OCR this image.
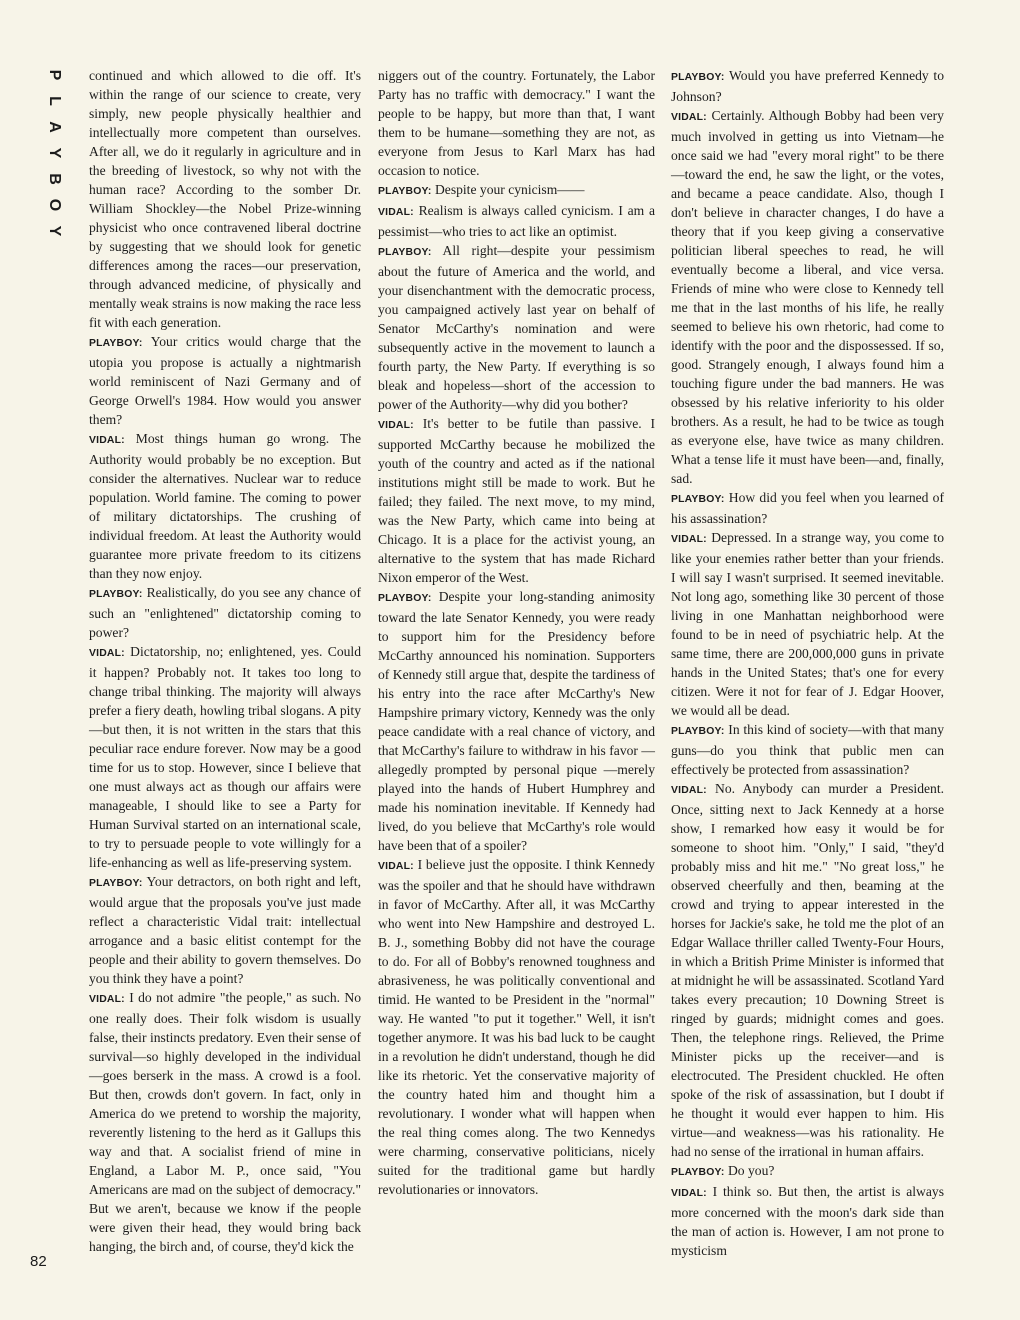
P
L
A
Y
B
O
Y
82

continued and which allowed to die off. It's within the range of our science to create, very simply, new people physically healthier and intellectually more competent than ourselves. After all, we do it regularly in agriculture and in the breeding of livestock, so why not with the human race? According to the somber Dr. William Shockley—the Nobel Prize-winning physicist who once contravened liberal doctrine by suggesting that we should look for genetic differences among the races—our preservation, through advanced medicine, of physically and mentally weak strains is now making the race less fit with each generation.

PLAYBOY: Your critics would charge that the utopia you propose is actually a nightmarish world reminiscent of Nazi Germany and of George Orwell's 1984. How would you answer them?

VIDAL: Most things human go wrong. The Authority would probably be no exception. But consider the alternatives. Nuclear war to reduce population. World famine. The coming to power of military dictatorships. The crushing of individual freedom. At least the Authority would guarantee more private freedom to its citizens than they now enjoy.

PLAYBOY: Realistically, do you see any chance of such an "enlightened" dictatorship coming to power?

VIDAL: Dictatorship, no; enlightened, yes. Could it happen? Probably not. It takes too long to change tribal thinking. The majority will always prefer a fiery death, howling tribal slogans. A pity—but then, it is not written in the stars that this peculiar race endure forever. Now may be a good time for us to stop. However, since I believe that one must always act as though our affairs were manageable, I should like to see a Party for Human Survival started on an international scale, to try to persuade people to vote willingly for a life-enhancing as well as life-preserving system.

PLAYBOY: Your detractors, on both right and left, would argue that the proposals you've just made reflect a characteristic Vidal trait: intellectual arrogance and a basic elitist contempt for the people and their ability to govern themselves. Do you think they have a point?

VIDAL: I do not admire "the people," as such. No one really does. Their folk wisdom is usually false, their instincts predatory. Even their sense of survival—so highly developed in the individual—goes berserk in the mass. A crowd is a fool. But then, crowds don't govern. In fact, only in America do we pretend to worship the majority, reverently listening to the herd as it Gallups this way and that. A socialist friend of mine in England, a Labor M. P., once said, "You Americans are mad on the subject of democracy." But we aren't, because we know if the people were given their head, they would bring back hanging, the birch and, of course, they'd kick the

niggers out of the country. Fortunately, the Labor Party has no traffic with democracy." I want the people to be happy, but more than that, I want them to be humane—something they are not, as everyone from Jesus to Karl Marx has had occasion to notice.

PLAYBOY: Despite your cynicism——

VIDAL: Realism is always called cynicism. I am a pessimist—who tries to act like an optimist.

PLAYBOY: All right—despite your pessimism about the future of America and the world, and your disenchantment with the democratic process, you campaigned actively last year on behalf of Senator McCarthy's nomination and were subsequently active in the movement to launch a fourth party, the New Party. If everything is so bleak and hopeless—short of the accession to power of the Authority—why did you bother?

VIDAL: It's better to be futile than passive. I supported McCarthy because he mobilized the youth of the country and acted as if the national institutions might still be made to work. But he failed; they failed. The next move, to my mind, was the New Party, which came into being at Chicago. It is a place for the activist young, an alternative to the system that has made Richard Nixon emperor of the West.

PLAYBOY: Despite your long-standing animosity toward the late Senator Kennedy, you were ready to support him for the Presidency before McCarthy announced his nomination. Supporters of Kennedy still argue that, despite the tardiness of his entry into the race after McCarthy's New Hampshire primary victory, Kennedy was the only peace candidate with a real chance of victory, and that McCarthy's failure to withdraw in his favor —allegedly prompted by personal pique —merely played into the hands of Hubert Humphrey and made his nomination inevitable. If Kennedy had lived, do you believe that McCarthy's role would have been that of a spoiler?

VIDAL: I believe just the opposite. I think Kennedy was the spoiler and that he should have withdrawn in favor of McCarthy. After all, it was McCarthy who went into New Hampshire and destroyed L. B. J., something Bobby did not have the courage to do. For all of Bobby's renowned toughness and abrasiveness, he was politically conventional and timid. He wanted to be President in the "normal" way. He wanted "to put it together." Well, it isn't together anymore. It was his bad luck to be caught in a revolution he didn't understand, though he did like its rhetoric. Yet the conservative majority of the country hated him and thought him a revolutionary. I wonder what will happen when the real thing comes along. The two Kennedys were charming, conservative politicians, nicely suited for the traditional game but hardly revolutionaries or innovators.

PLAYBOY: Would you have preferred Kennedy to Johnson?

VIDAL: Certainly. Although Bobby had been very much involved in getting us into Vietnam—he once said we had "every moral right" to be there—toward the end, he saw the light, or the votes, and became a peace candidate. Also, though I don't believe in character changes, I do have a theory that if you keep giving a conservative politician liberal speeches to read, he will eventually become a liberal, and vice versa. Friends of mine who were close to Kennedy tell me that in the last months of his life, he really seemed to believe his own rhetoric, had come to identify with the poor and the dispossessed. If so, good. Strangely enough, I always found him a touching figure under the bad manners. He was obsessed by his relative inferiority to his older brothers. As a result, he had to be twice as tough as everyone else, have twice as many children. What a tense life it must have been—and, finally, sad.

PLAYBOY: How did you feel when you learned of his assassination?

VIDAL: Depressed. In a strange way, you come to like your enemies rather better than your friends. I will say I wasn't surprised. It seemed inevitable. Not long ago, something like 30 percent of those living in one Manhattan neighborhood were found to be in need of psychiatric help. At the same time, there are 200,000,000 guns in private hands in the United States; that's one for every citizen. Were it not for fear of J. Edgar Hoover, we would all be dead.

PLAYBOY: In this kind of society—with that many guns—do you think that public men can effectively be protected from assassination?

VIDAL: No. Anybody can murder a President. Once, sitting next to Jack Kennedy at a horse show, I remarked how easy it would be for someone to shoot him. "Only," I said, "they'd probably miss and hit me." "No great loss," he observed cheerfully and then, beaming at the crowd and trying to appear interested in the horses for Jackie's sake, he told me the plot of an Edgar Wallace thriller called Twenty-Four Hours, in which a British Prime Minister is informed that at midnight he will be assassinated. Scotland Yard takes every precaution; 10 Downing Street is ringed by guards; midnight comes and goes. Then, the telephone rings. Relieved, the Prime Minister picks up the receiver—and is electrocuted. The President chuckled. He often spoke of the risk of assassination, but I doubt if he thought it would ever happen to him. His virtue—and weakness—was his rationality. He had no sense of the irrational in human affairs.

PLAYBOY: Do you?

VIDAL: I think so. But then, the artist is always more concerned with the moon's dark side than the man of action is. However, I am not prone to mysticism
